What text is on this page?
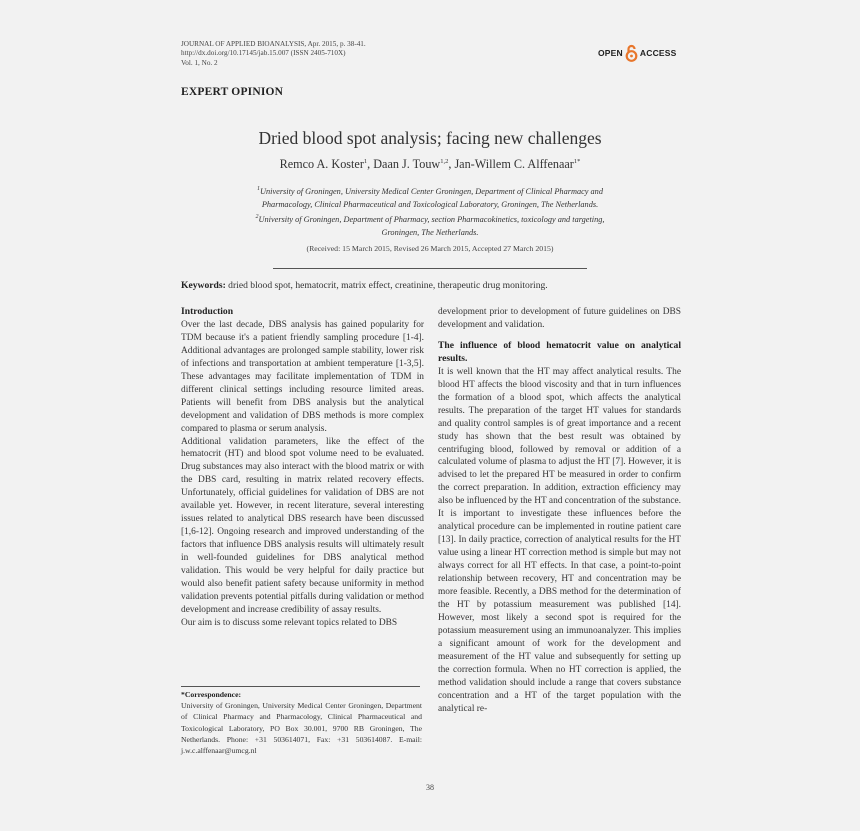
JOURNAL OF APPLIED BIOANALYSIS, Apr. 2015, p. 38-41.
http://dx.doi.org/10.17145/jab.15.007 (ISSN 2405-710X)
Vol. 1, No. 2
OPEN ACCESS
EXPERT OPINION
Dried blood spot analysis; facing new challenges
Remco A. Koster$^1$, Daan J. Touw$^{1,2}$, Jan-Willem C. Alffenaar$^{1*}$
$^1$University of Groningen, University Medical Center Groningen, Department of Clinical Pharmacy and
Pharmacology, Clinical Pharmaceutical and Toxicological Laboratory, Groningen, The Netherlands.
$^2$University of Groningen, Department of Pharmacy, section Pharmacokinetics, toxicology and targeting,
Groningen, The Netherlands.
(Received: 15 March 2015, Revised 26 March 2015, Accepted 27 March 2015)
Keywords: dried blood spot, hematocrit, matrix effect, creatinine, therapeutic drug monitoring.
Introduction

Over the last decade, DBS analysis has gained popularity for TDM because it's a patient friendly sampling procedure [1-4]. Additional advantages are prolonged sample stability, lower risk of infections and transportation at ambient temperature [1-3,5]. These advantages may facilitate implementation of TDM in different clinical settings including resource limited areas. Patients will benefit from DBS analysis but the analytical development and validation of DBS methods is more complex compared to plasma or serum analysis.

Additional validation parameters, like the effect of the hematocrit (HT) and blood spot volume need to be evaluated. Drug substances may also interact with the blood matrix or with the DBS card, resulting in matrix related recovery effects. Unfortunately, official guidelines for validation of DBS are not available yet. However, in recent literature, several interesting issues related to analytical DBS research have been discussed [1,6-12]. Ongoing research and improved understanding of the factors that influence DBS analysis results will ultimately result in well-founded guidelines for DBS analytical method validation. This would be very helpful for daily practice but would also benefit patient safety because uniformity in method validation prevents potential pitfalls during validation or method development and increase credibility of assay results.

Our aim is to discuss some relevant topics related to DBS

*Correspondence:
University of Groningen, University Medical Center Groningen, Department of Clinical Pharmacy and Pharmacology, Clinical Pharmaceutical and Toxicological Laboratory, PO Box 30.001, 9700 RB Groningen, The Netherlands. Phone: +31 503614071, Fax: +31 503614087. E-mail: j.w.c.alffenaar@umcg.nl

development prior to development of future guidelines on DBS development and validation.

The influence of blood hematocrit value on analytical results.

It is well known that the HT may affect analytical results. The blood HT affects the blood viscosity and that in turn influences the formation of a blood spot, which affects the analytical results. The preparation of the target HT values for standards and quality control samples is of great importance and a recent study has shown that the best result was obtained by centrifuging blood, followed by removal or addition of a calculated volume of plasma to adjust the HT [7]. However, it is advised to let the prepared HT be measured in order to confirm the correct preparation. In addition, extraction efficiency may also be influenced by the HT and concentration of the substance. It is important to investigate these influences before the analytical procedure can be implemented in routine patient care [13]. In daily practice, correction of analytical results for the HT value using a linear HT correction method is simple but may not always correct for all HT effects. In that case, a point-to-point relationship between recovery, HT and concentration may be more feasible. Recently, a DBS method for the determination of the HT by potassium measurement was published [14]. However, most likely a second spot is required for the potassium measurement using an immunoanalyzer. This implies a significant amount of work for the development and measurement of the HT value and subsequently for setting up the correction formula. When no HT correction is applied, the method validation should include a range that covers substance concentration and a HT of the target population with the analytical re-

38
